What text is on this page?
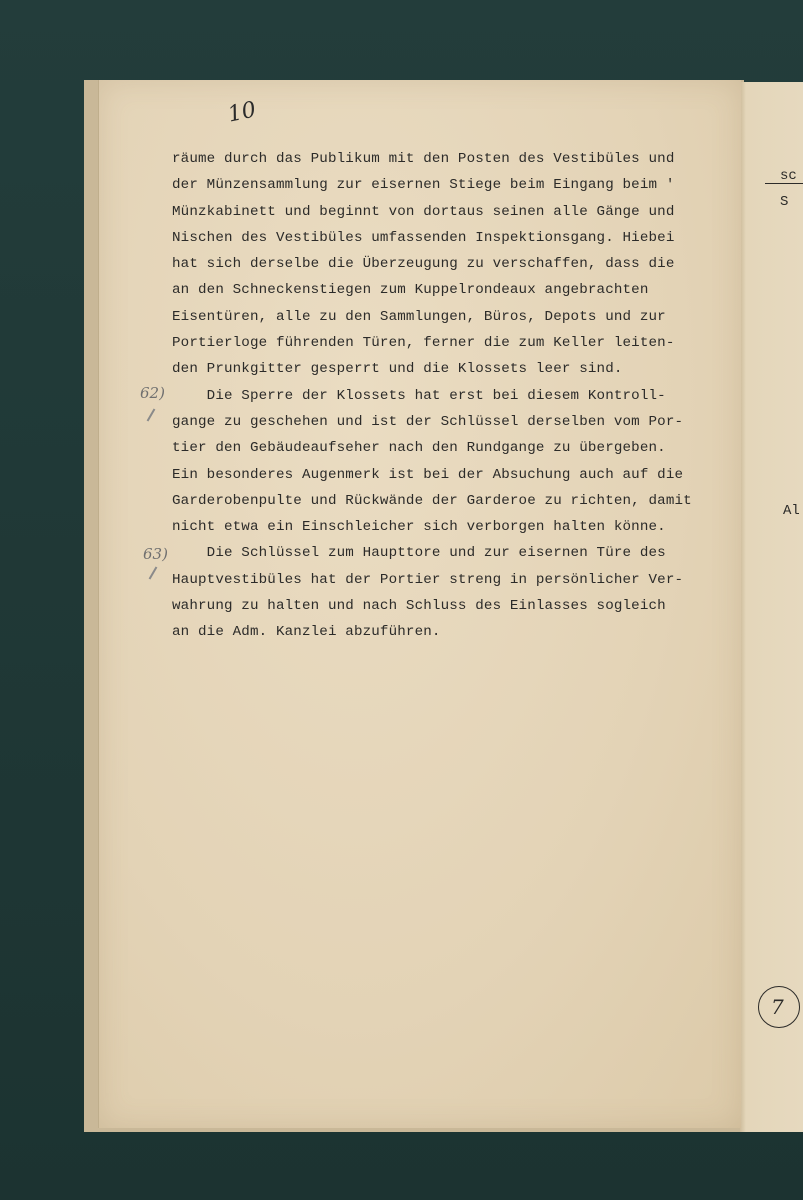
sc
S
Al
7
10
62)
63)
räume durch das Publikum mit den Posten des Vestibüles und
der Münzensammlung zur eisernen Stiege beim Eingang beim '
Münzkabinett und beginnt von dortaus seinen alle Gänge und
Nischen des Vestibüles umfassenden Inspektionsgang. Hiebei
hat sich derselbe die Überzeugung zu verschaffen, dass die
an den Schneckenstiegen zum Kuppelrondeaux angebrachten
Eisentüren, alle zu den Sammlungen, Büros, Depots und zur
Portierloge führenden Türen, ferner die zum Keller leiten-
den Prunkgitter gesperrt und die Klossets leer sind.
Die Sperre der Klossets hat erst bei diesem Kontroll-
gange zu geschehen und ist der Schlüssel derselben vom Por-
tier den Gebäudeaufseher nach den Rundgange zu übergeben.
Ein besonderes Augenmerk ist bei der Absuchung auch auf die
Garderobenpulte und Rückwände der Garderoe zu richten, damit
nicht etwa ein Einschleicher sich verborgen halten könne.
Die Schlüssel zum Haupttore und zur eisernen Türe des
Hauptvestibüles hat der Portier streng in persönlicher Ver-
wahrung zu halten und nach Schluss des Einlasses sogleich
an die Adm. Kanzlei abzuführen.
